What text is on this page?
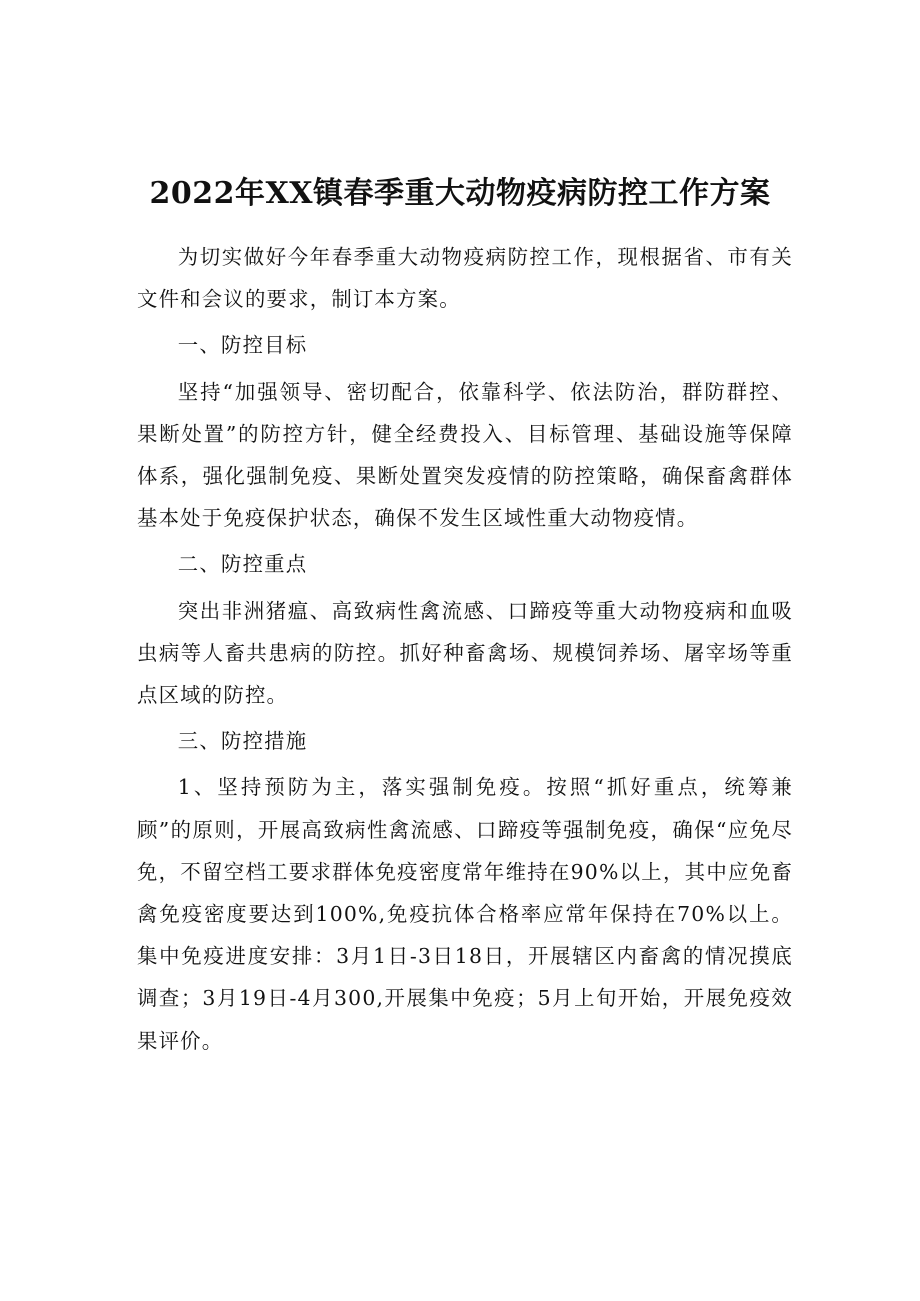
2022年XX镇春季重大动物疫病防控工作方案

为切实做好今年春季重大动物疫病防控工作，现根据省、市有关文件和会议的要求，制订本方案。

一、防控目标

坚持“加强领导、密切配合，依靠科学、依法防治，群防群控、果断处置”的防控方针，健全经费投入、目标管理、基础设施等保障体系，强化强制免疫、果断处置突发疫情的防控策略，确保畜禽群体基本处于免疫保护状态，确保不发生区域性重大动物疫情。

二、防控重点

突出非洲猪瘟、高致病性禽流感、口蹄疫等重大动物疫病和血吸虫病等人畜共患病的防控。抓好种畜禽场、规模饲养场、屠宰场等重点区域的防控。

三、防控措施

1、坚持预防为主，落实强制免疫。按照“抓好重点，统筹兼顾”的原则，开展高致病性禽流感、口蹄疫等强制免疫，确保“应免尽免，不留空档工要求群体免疫密度常年维持在90%以上，其中应免畜禽免疫密度要达到100%,免疫抗体合格率应常年保持在70%以上。集中免疫进度安排：3月1日-3日18日，开展辖区内畜禽的情况摸底调查；3月19日-4月300,开展集中免疫；5月上旬开始，开展免疫效果评价。
